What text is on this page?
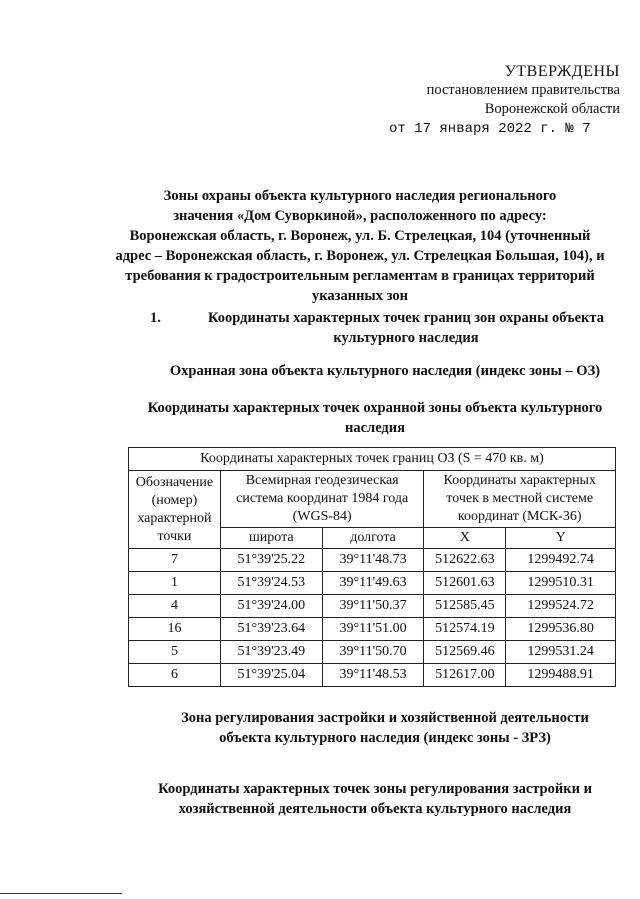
УТВЕРЖДЕНЫ
постановлением правительства
Воронежской области
от 17 января 2022 г. № 7
Зоны охраны объекта культурного наследия регионального
значения «Дом Суворкиной», расположенного по адресу:
Воронежская область, г. Воронеж, ул. Б. Стрелецкая, 104 (уточненный
адрес – Воронежская область, г. Воронеж, ул. Стрелецкая Большая, 104), и
требования к градостроительным регламентам в границах территорий
указанных зон
1.	Координаты характерных точек границ зон охраны объекта
культурного наследия
Охранная зона объекта культурного наследия (индекс зоны – ОЗ)
Координаты характерных точек охранной зоны объекта культурного
наследия
Координаты характерных точек границ ОЗ (S = 470 кв. м)				
Обозначение (номер) характерной точки	Всемирная геодезическая система координат 1984 года (WGS-84)		Координаты характерных точек в местной системе координат (МСК-36)	
	широта	долгота	X	Y
7	51°39'25.22	39°11'48.73	512622.63	1299492.74
1	51°39'24.53	39°11'49.63	512601.63	1299510.31
4	51°39'24.00	39°11'50.37	512585.45	1299524.72
16	51°39'23.64	39°11'51.00	512574.19	1299536.80
5	51°39'23.49	39°11'50.70	512569.46	1299531.24
6	51°39'25.04	39°11'48.53	512617.00	1299488.91
Зона регулирования застройки и хозяйственной деятельности
объекта культурного наследия (индекс зоны - ЗРЗ)
Координаты характерных точек зоны регулирования застройки и
хозяйственной деятельности объекта культурного наследия
